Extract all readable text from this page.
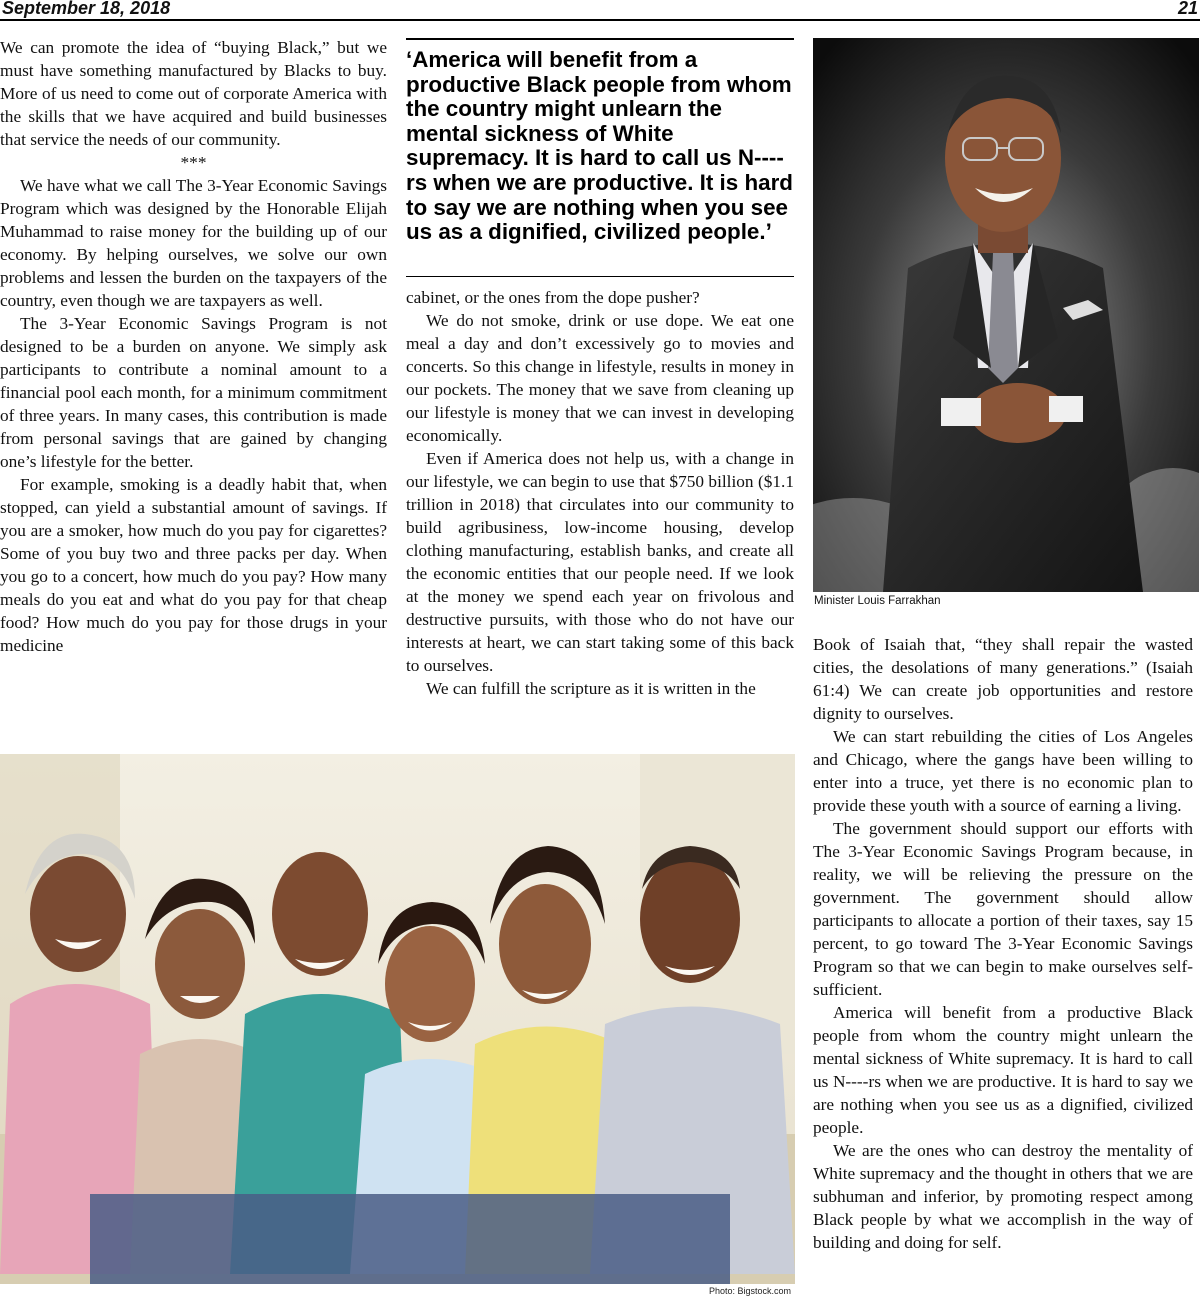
September 18, 2018	21

We can promote the idea of “buying Black,” but we must have something manufactured by Blacks to buy. More of us need to come out of corporate America with the skills that we have acquired and build businesses that service the needs of our community.

***

We have what we call The 3-Year Economic Savings Program which was designed by the Honorable Elijah Muhammad to raise money for the building up of our economy. By helping ourselves, we solve our own problems and lessen the burden on the taxpayers of the country, even though we are taxpayers as well.

The 3-Year Economic Savings Program is not designed to be a burden on anyone. We simply ask participants to contribute a nominal amount to a financial pool each month, for a minimum commitment of three years. In many cases, this contribution is made from personal savings that are gained by changing one’s lifestyle for the better.

For example, smoking is a deadly habit that, when stopped, can yield a substantial amount of savings. If you are a smoker, how much do you pay for cigarettes? Some of you buy two and three packs per day. When you go to a concert, how much do you pay? How many meals do you eat and what do you pay for that cheap food? How much do you pay for those drugs in your medicine

‘America will benefit from a productive Black people from whom the country might unlearn the mental sickness of White supremacy. It is hard to call us N----rs when we are productive. It is hard to say we are nothing when you see us as a dignified, civilized people.’

cabinet, or the ones from the dope pusher?

We do not smoke, drink or use dope. We eat one meal a day and don’t excessively go to movies and concerts. So this change in lifestyle, results in money in our pockets. The money that we save from cleaning up our lifestyle is money that we can invest in developing economically.

Even if America does not help us, with a change in our lifestyle, we can begin to use that $750 billion ($1.1 trillion in 2018) that circulates into our community to build agribusiness, low-income housing, develop clothing manufacturing, establish banks, and create all the economic entities that our people need. If we look at the money we spend each year on frivolous and destructive pursuits, with those who do not have our interests at heart, we can start taking some of this back to ourselves.

We can fulfill the scripture as it is written in the

Minister Louis Farrakhan

Book of Isaiah that, “they shall repair the wasted cities, the desolations of many generations.” (Isaiah 61:4) We can create job opportunities and restore dignity to ourselves.

We can start rebuilding the cities of Los Angeles and Chicago, where the gangs have been willing to enter into a truce, yet there is no economic plan to provide these youth with a source of earning a living.

The government should support our efforts with The 3-Year Economic Savings Program because, in reality, we will be relieving the pressure on the government. The government should allow participants to allocate a portion of their taxes, say 15 percent, to go toward The 3-Year Economic Savings Program so that we can begin to make ourselves self-sufficient.

America will benefit from a productive Black people from whom the country might unlearn the mental sickness of White supremacy. It is hard to call us N----rs when we are productive. It is hard to say we are nothing when you see us as a dignified, civilized people.

We are the ones who can destroy the mentality of White supremacy and the thought in others that we are subhuman and inferior, by promoting respect among Black people by what we accomplish in the way of building and doing for self.

Photo: Bigstock.com
